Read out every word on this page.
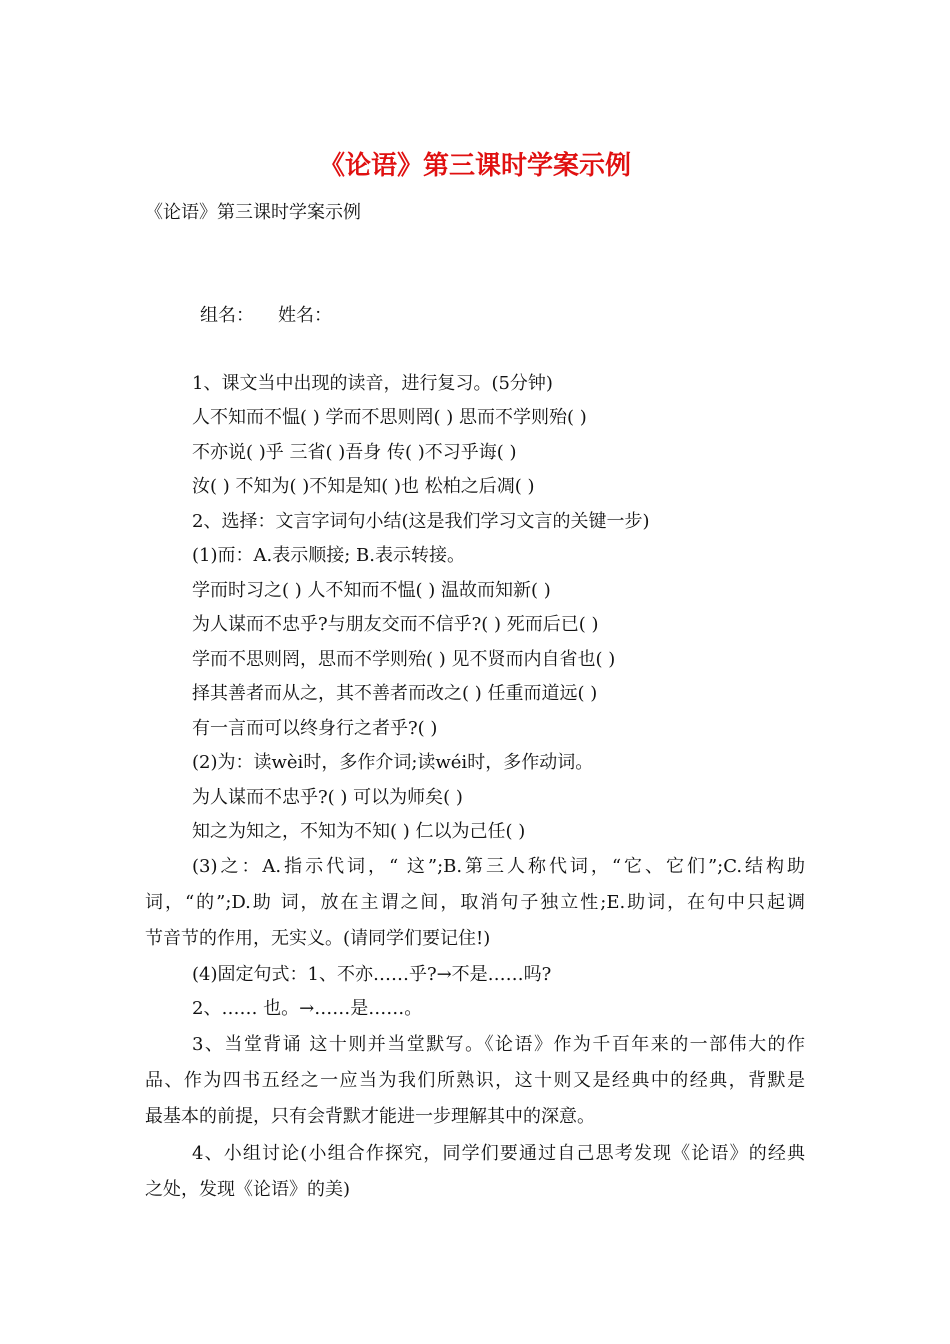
《论语》第三课时学案示例
《论语》第三课时学案示例
组名： 姓名：
1、课文当中出现的读音，进行复习。(5分钟)
人不知而不愠( ) 学而不思则罔( ) 思而不学则殆( )
不亦说( )乎 三省( )吾身 传( )不习乎诲( )
汝( ) 不知为( )不知是知( )也 松柏之后凋( )
2、选择：文言字词句小结(这是我们学习文言的关键一步)
(1)而：A.表示顺接; B.表示转接。
学而时习之( ) 人不知而不愠( ) 温故而知新( )
为人谋而不忠乎?与朋友交而不信乎?( ) 死而后已( )
学而不思则罔，思而不学则殆( ) 见不贤而内自省也( )
择其善者而从之，其不善者而改之( ) 任重而道远( )
有一言而可以终身行之者乎?( )
(2)为：读wèi时，多作介词;读wéi时，多作动词。
为人谋而不忠乎?( ) 可以为师矣( )
知之为知之，不知为不知( ) 仁以为己任( )
(3)之：A.指示代词，“ 这”;B.第三人称代词，“它、它们”;C.结构助
词，“的”;D.助 词，放在主谓之间，取消句子独立性;E.助词，在句中只起调
节音节的作用，无实义。(请同学们要记住!)
(4)固定句式：1、不亦……乎?→不是……吗?
2、…… 也。→……是……。
3、当堂背诵 这十则并当堂默写。《论语》作为千百年来的一部伟大的作
品、作为四书五经之一应当为我们所熟识，这十则又是经典中的经典，背默是
最基本的前提，只有会背默才能进一步理解其中的深意。
4、小组讨论(小组合作探究，同学们要通过自己思考发现《论语》的经典
之处，发现《论语》的美)
